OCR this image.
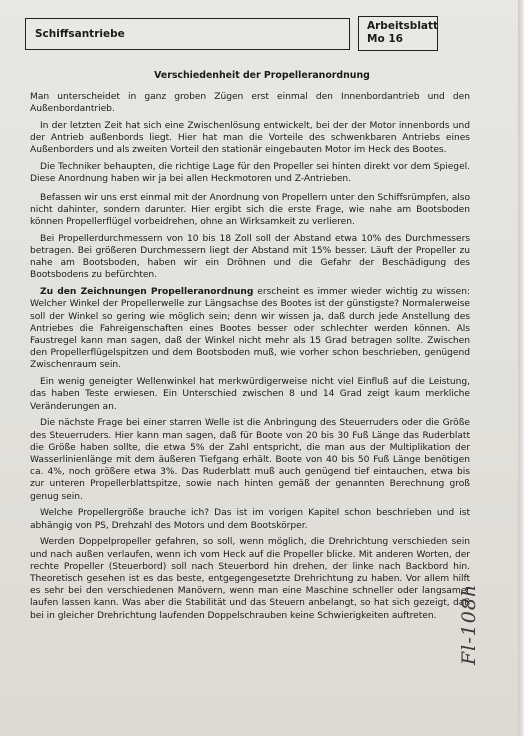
Schiffsantriebe
Arbeitsblatt
Mo 16
Verschiedenheit der Propelleranordnung

Man unterscheidet in ganz groben Zügen erst einmal den Innenbordantrieb und den Außenbordantrieb.

In der letzten Zeit hat sich eine Zwischenlösung entwickelt, bei der der Motor innenbords und der Antrieb außenbords liegt. Hier hat man die Vorteile des schwenkbaren Antriebs eines Außenborders und als zweiten Vorteil den stationär eingebauten Motor im Heck des Bootes.

Die Techniker behaupten, die richtige Lage für den Propeller sei hinten direkt vor dem Spiegel. Diese Anordnung haben wir ja bei allen Heckmotoren und Z-Antrieben.

Befassen wir uns erst einmal mit der Anordnung von Propellern unter den Schiffsrümpfen, also nicht dahinter, sondern darunter. Hier ergibt sich die erste Frage, wie nahe am Bootsboden können Propellerflügel vorbeidrehen, ohne an Wirksamkeit zu verlieren.

Bei Propellerdurchmessern von 10 bis 18 Zoll soll der Abstand etwa 10% des Durchmessers betragen. Bei größeren Durchmessern liegt der Abstand mit 15% besser. Läuft der Propeller zu nahe am Bootsboden, haben wir ein Dröhnen und die Gefahr der Beschädigung des Bootsbodens zu befürchten.

Zu den Zeichnungen Propelleranordnung erscheint es immer wieder wichtig zu wissen: Welcher Winkel der Propellerwelle zur Längsachse des Bootes ist der günstigste? Normalerweise soll der Winkel so gering wie möglich sein; denn wir wissen ja, daß durch jede Anstellung des Antriebes die Fahreigenschaften eines Bootes besser oder schlechter werden können. Als Faustregel kann man sagen, daß der Winkel nicht mehr als 15 Grad betragen sollte. Zwischen den Propellerflügelspitzen und dem Bootsboden muß, wie vorher schon beschrieben, genügend Zwischenraum sein.

Ein wenig geneigter Wellenwinkel hat merkwürdigerweise nicht viel Einfluß auf die Leistung, das haben Teste erwiesen. Ein Unterschied zwischen 8 und 14 Grad zeigt kaum merkliche Veränderungen an.

Die nächste Frage bei einer starren Welle ist die Anbringung des Steuerruders oder die Größe des Steuerruders. Hier kann man sagen, daß für Boote von 20 bis 30 Fuß Länge das Ruderblatt die Größe haben sollte, die etwa 5% der Zahl entspricht, die man aus der Multiplikation der Wasserlinienlänge mit dem äußeren Tiefgang erhält. Boote von 40 bis 50 Fuß Länge benötigen ca. 4%, noch größere etwa 3%. Das Ruderblatt muß auch genügend tief eintauchen, etwa bis zur unteren Propellerblattspitze, sowie nach hinten gemäß der genannten Berechnung groß genug sein.

Welche Propellergröße brauche ich? Das ist im vorigen Kapitel schon beschrieben und ist abhängig von PS, Drehzahl des Motors und dem Bootskörper.

Werden Doppelpropeller gefahren, so soll, wenn möglich, die Drehrichtung verschieden sein und nach außen verlaufen, wenn ich vom Heck auf die Propeller blicke. Mit anderen Worten, der rechte Propeller (Steuerbord) soll nach Steuerbord hin drehen, der linke nach Backbord hin. Theoretisch gesehen ist es das beste, entgegengesetzte Drehrichtung zu haben. Vor allem hilft es sehr bei den verschiedenen Manövern, wenn man eine Maschine schneller oder langsamer laufen lassen kann. Was aber die Stabilität und das Steuern anbelangt, so hat sich gezeigt, daß bei in gleicher Drehrichtung laufenden Doppelschrauben keine Schwierigkeiten auftreten.	Fl-108h
